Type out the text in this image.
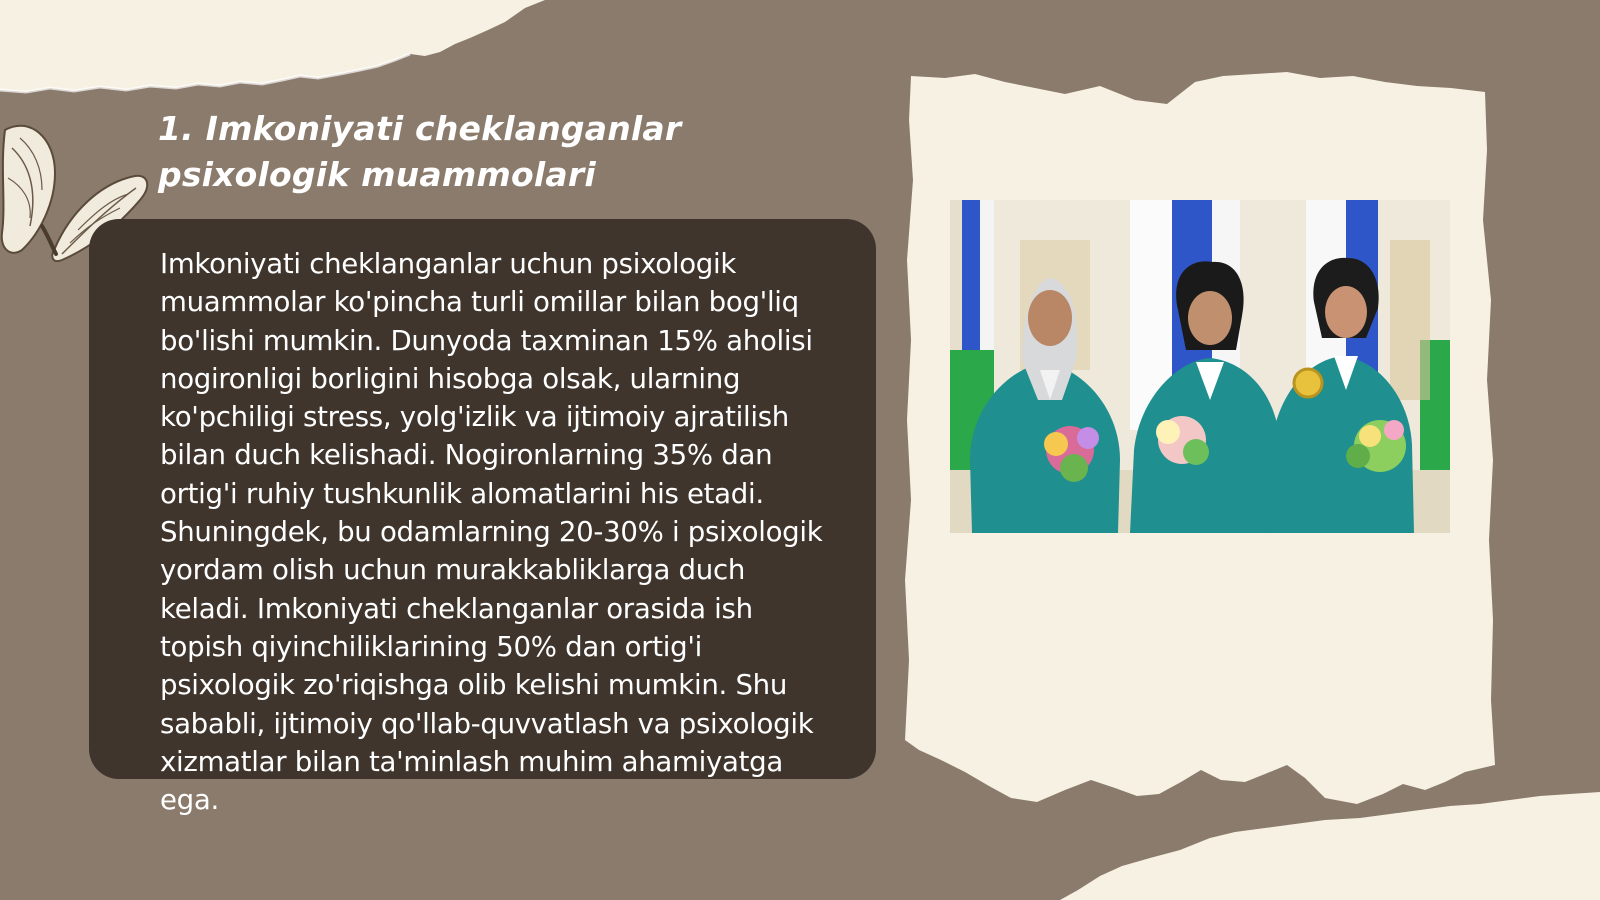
1. Imkoniyati cheklanganlar psixologik muammolari

Imkoniyati cheklanganlar uchun psixologik muammolar ko'pincha turli omillar bilan bog'liq bo'lishi mumkin. Dunyoda taxminan 15% aholisi nogironligi borligini hisobga olsak, ularning ko'pchiligi stress, yolg'izlik va ijtimoiy ajratilish bilan duch kelishadi. Nogironlarning 35% dan ortig'i ruhiy tushkunlik alomatlarini his etadi. Shuningdek, bu odamlarning 20-30% i psixologik yordam olish uchun murakkabliklarga duch keladi. Imkoniyati cheklanganlar orasida ish topish qiyinchiliklarining 50% dan ortig'i psixologik zo'riqishga olib kelishi mumkin. Shu sababli, ijtimoiy qo'llab-quvvatlash va psixologik xizmatlar bilan ta'minlash muhim ahamiyatga ega.
